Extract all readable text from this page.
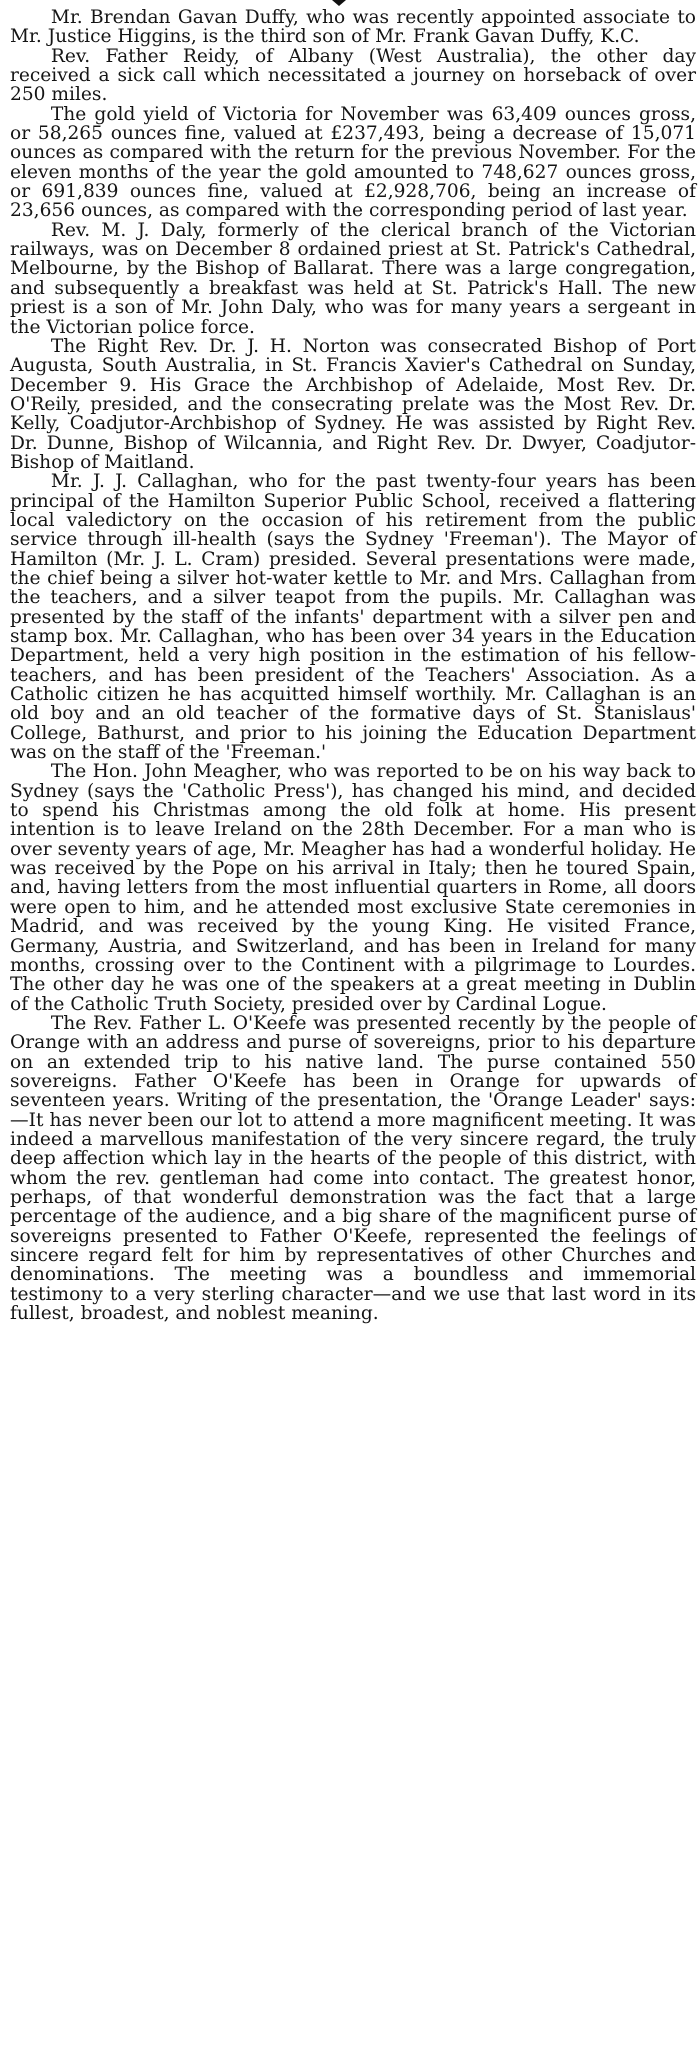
Mr. Brendan Gavan Duffy, who was recently appointed associate to Mr. Justice Higgins, is the third son of Mr. Frank Gavan Duffy, K.C.

Rev. Father Reidy, of Albany (West Australia), the other day received a sick call which necessitated a journey on horseback of over 250 miles.

The gold yield of Victoria for November was 63,409 ounces gross, or 58,265 ounces fine, valued at £237,493, being a decrease of 15,071 ounces as compared with the return for the previous November. For the eleven months of the year the gold amounted to 748,627 ounces gross, or 691,839 ounces fine, valued at £2,928,706, being an increase of 23,656 ounces, as compared with the corresponding period of last year.

Rev. M. J. Daly, formerly of the clerical branch of the Victorian railways, was on December 8 ordained priest at St. Patrick's Cathedral, Melbourne, by the Bishop of Ballarat. There was a large congregation, and subsequently a breakfast was held at St. Patrick's Hall. The new priest is a son of Mr. John Daly, who was for many years a sergeant in the Victorian police force.

The Right Rev. Dr. J. H. Norton was consecrated Bishop of Port Augusta, South Australia, in St. Francis Xavier's Cathedral on Sunday, December 9. His Grace the Archbishop of Adelaide, Most Rev. Dr. O'Reily, presided, and the consecrating prelate was the Most Rev. Dr. Kelly, Coadjutor-Archbishop of Sydney. He was assisted by Right Rev. Dr. Dunne, Bishop of Wilcannia, and Right Rev. Dr. Dwyer, Coadjutor-Bishop of Maitland.

Mr. J. J. Callaghan, who for the past twenty-four years has been principal of the Hamilton Superior Public School, received a flattering local valedictory on the occasion of his retirement from the public service through ill-health (says the Sydney 'Freeman'). The Mayor of Hamilton (Mr. J. L. Cram) presided. Several presentations were made, the chief being a silver hot-water kettle to Mr. and Mrs. Callaghan from the teachers, and a silver teapot from the pupils. Mr. Callaghan was presented by the staff of the infants' department with a silver pen and stamp box. Mr. Callaghan, who has been over 34 years in the Education Department, held a very high position in the estimation of his fellow-teachers, and has been president of the Teachers' Association. As a Catholic citizen he has acquitted himself worthily. Mr. Callaghan is an old boy and an old teacher of the formative days of St. Stanislaus' College, Bathurst, and prior to his joining the Education Department was on the staff of the 'Freeman.'

The Hon. John Meagher, who was reported to be on his way back to Sydney (says the 'Catholic Press'), has changed his mind, and decided to spend his Christmas among the old folk at home. His present intention is to leave Ireland on the 28th December. For a man who is over seventy years of age, Mr. Meagher has had a wonderful holiday. He was received by the Pope on his arrival in Italy; then he toured Spain, and, having letters from the most influential quarters in Rome, all doors were open to him, and he attended most exclusive State ceremonies in Madrid, and was received by the young King. He visited France, Germany, Austria, and Switzerland, and has been in Ireland for many months, crossing over to the Continent with a pilgrimage to Lourdes. The other day he was one of the speakers at a great meeting in Dublin of the Catholic Truth Society, presided over by Cardinal Logue.

The Rev. Father L. O'Keefe was presented recently by the people of Orange with an address and purse of sovereigns, prior to his departure on an extended trip to his native land. The purse contained 550 sovereigns. Father O'Keefe has been in Orange for upwards of seventeen years. Writing of the presentation, the 'Orange Leader' says:—It has never been our lot to attend a more magnificent meeting. It was indeed a marvellous manifestation of the very sincere regard, the truly deep affection which lay in the hearts of the people of this district, with whom the rev. gentleman had come into contact. The greatest honor, perhaps, of that wonderful demonstration was the fact that a large percentage of the audience, and a big share of the magnificent purse of sovereigns presented to Father O'Keefe, represented the feelings of sincere regard felt for him by representatives of other Churches and denominations. The meeting was a boundless and immemorial testimony to a very sterling character—and we use that last word in its fullest, broadest, and noblest meaning.
